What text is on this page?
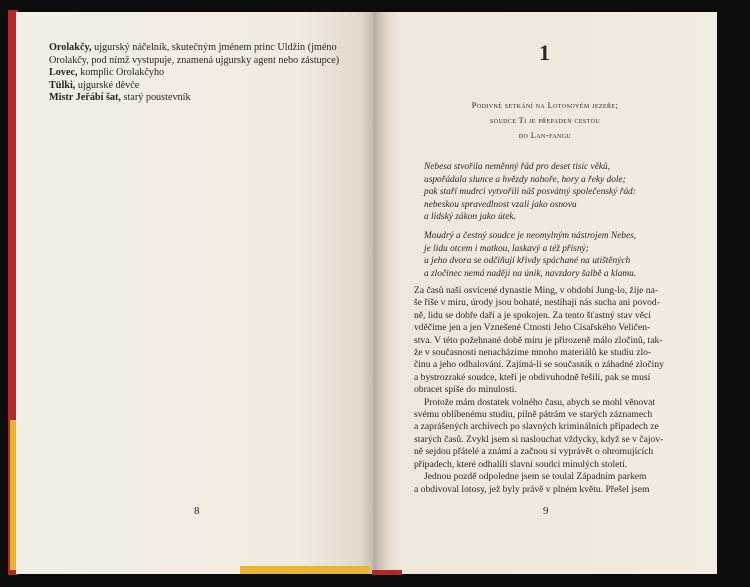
Orolakčy, ujgurský náčelník, skutečným jménem princ Uldžin (jméno Orolakčy, pod nímž vystupuje, znamená ujgursky agent nebo zástupce)
Lovec, komplic Orolakčyho
Tülki, ujgurské děvče
Mistr Jeřábí šat, starý poustevník
8
1
Podivné setkání na Lotosovém jezeře;
soudce Ti je přepaden cestou
do Lan-fangu
Nebesa stvořila neměnný řád pro deset tisíc věků,
uspořádala slunce a hvězdy nahoře, hory a řeky dole;
pak staří mudrci vytvořili náš posvátný společenský řád:
nebeskou spravedlnost vzali jako osnovu
a lidský zákon jako útek.
Moudrý a čestný soudce je neomylným nástrojem Nebes,
je lidu otcem i matkou, laskavý a též přísný;
u jeho dvora se odčiňují křivdy spáchané na utištěných
a zločinec nemá naději na únik, navzdory šalbě a klamu.
Za časů naší osvícené dynastie Ming, v období Jung-lo, žije na-
še říše v míru, úrody jsou bohaté, nestíhají nás sucha ani povod-
ně, lidu se dobře daří a je spokojen. Za tento šťastný stav věcí
vděčíme jen a jen Vznešené Ctnosti Jeho Císařského Veličen-
stva. V této požehnané době míru je přirozeně málo zločinů, tak-
že v současnosti nenacházíme mnoho materiálů ke studiu zlo-
činu a jeho odhalování. Zajímá-li se současník o záhadné zločiny
a bystrozraké soudce, kteří je obdivuhodně řešili, pak se musí
obracet spíše do minulosti.
Protože mám dostatek volného času, abych se mohl věnovat
svému oblíbenému studiu, pilně pátrám ve starých záznamech
a zaprášených archívech po slavných kriminálních případech ze
starých časů. Zvykl jsem si naslouchat vždycky, když se v čajov-
ně sejdou přátelé a známí a začnou si vyprávět o ohromujících
případech, které odhalili slavní soudci minulých století.
Jednou pozdě odpoledne jsem se toulal Západním parkem
a obdivoval lotosy, jež byly právě v plném květu. Přešel jsem
9
